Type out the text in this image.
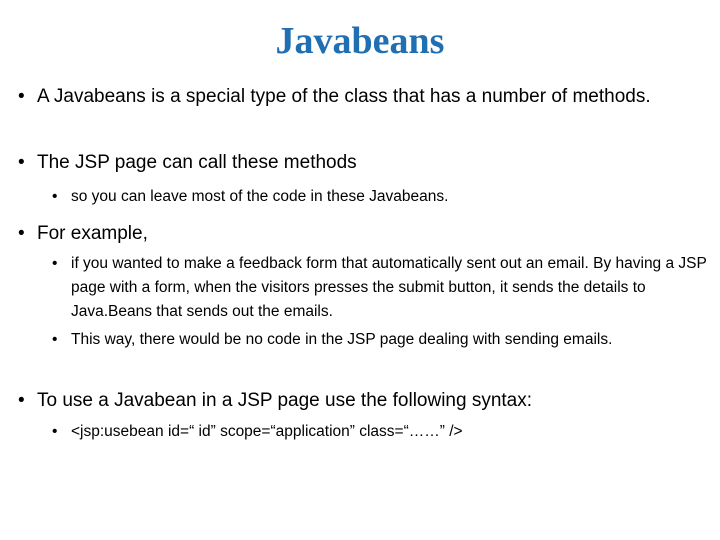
Javabeans
• A Javabeans is a special type of the class that has a number of methods.
• The JSP page can call these methods
• so you can leave most of the code in these Javabeans.
• For example,
• if you wanted to make a feedback form that automatically sent out an email. By having a JSP page with a form, when the visitors presses the submit button, it sends the details to Java.Beans that sends out the emails.
• This way, there would be no code in the JSP page dealing with sending emails.
• To use a Javabean in a JSP page use the following syntax:
• <jsp:usebean id=“ id” scope=“application” class=“……” />
